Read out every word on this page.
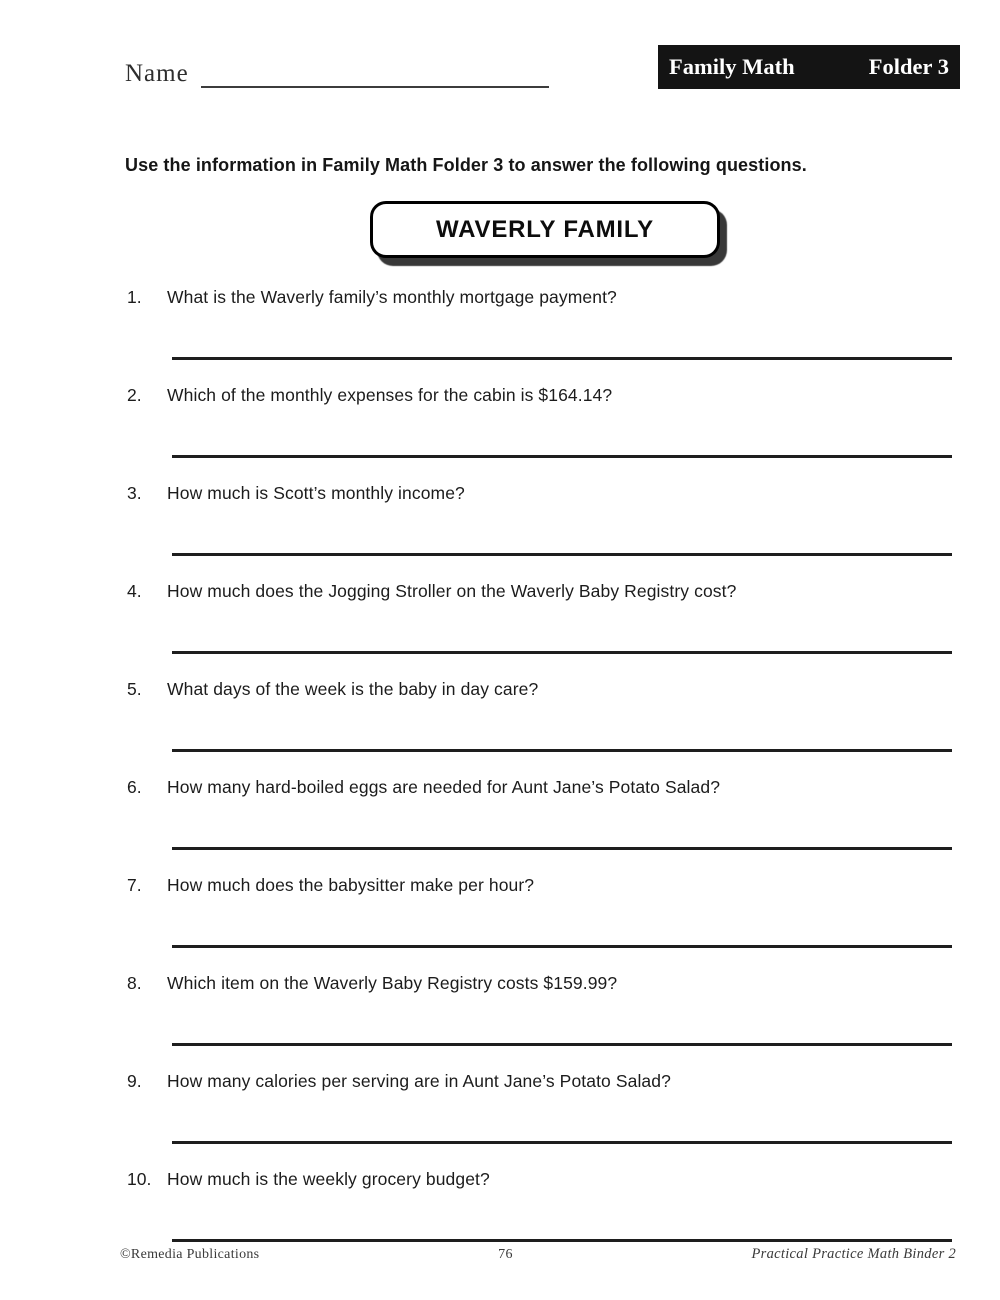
Name	Family Math	Folder 3
Use the information in Family Math Folder 3 to answer the following questions.
WAVERLY FAMILY
1.	What is the Waverly family’s monthly mortgage payment?
2.	Which of the monthly expenses for the cabin is $164.14?
3.	How much is Scott’s monthly income?
4.	How much does the Jogging Stroller on the Waverly Baby Registry cost?
5.	What days of the week is the baby in day care?
6.	How many hard-boiled eggs are needed for Aunt Jane’s Potato Salad?
7.	How much does the babysitter make per hour?
8.	Which item on the Waverly Baby Registry costs $159.99?
9.	How many calories per serving are in Aunt Jane’s Potato Salad?
10. How much is the weekly grocery budget?
©Remedia Publications	76	Practical Practice Math Binder 2
